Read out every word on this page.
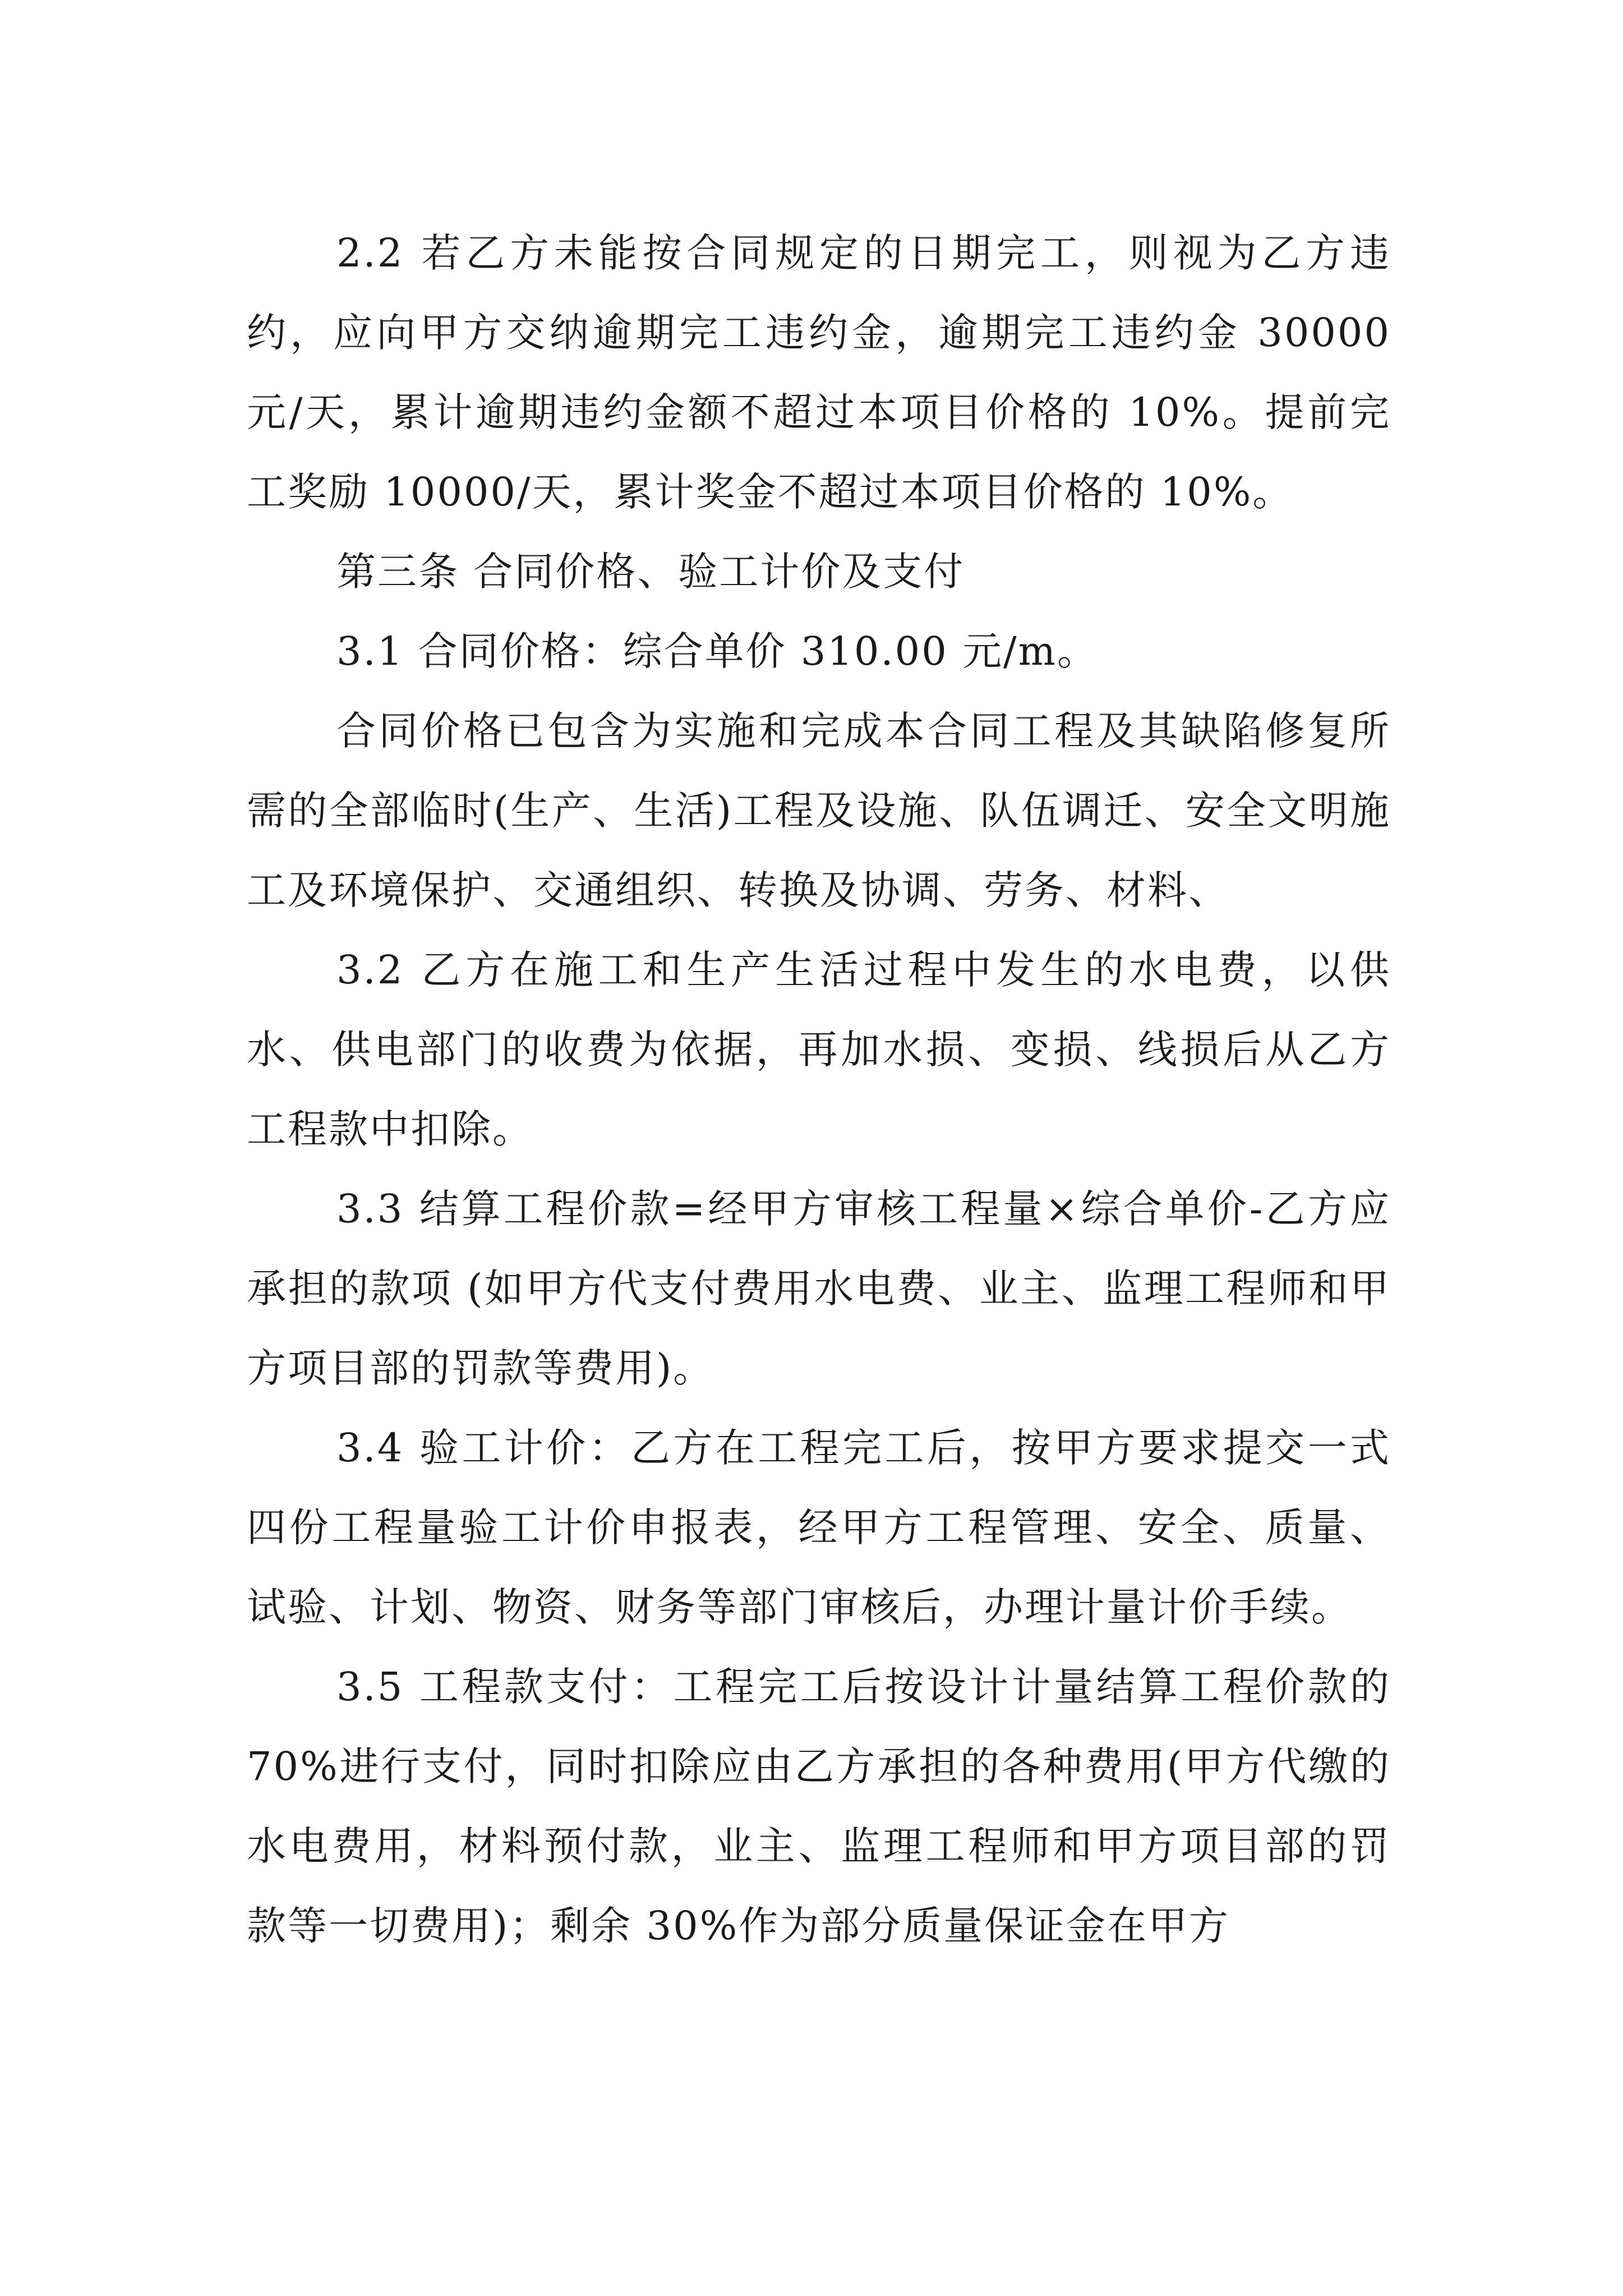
2.2 若乙方未能按合同规定的日期完工，则视为乙方违约，应向甲方交纳逾期完工违约金，逾期完工违约金 30000 元/天，累计逾期违约金额不超过本项目价格的 10%。提前完工奖励 10000/天，累计奖金不超过本项目价格的 10%。

第三条 合同价格、验工计价及支付

3.1 合同价格：综合单价 310.00 元/m。

合同价格已包含为实施和完成本合同工程及其缺陷修复所需的全部临时(生产、生活)工程及设施、队伍调迁、安全文明施工及环境保护、交通组织、转换及协调、劳务、材料、

3.2 乙方在施工和生产生活过程中发生的水电费，以供水、供电部门的收费为依据，再加水损、变损、线损后从乙方工程款中扣除。

3.3 结算工程价款=经甲方审核工程量×综合单价-乙方应承担的款项 (如甲方代支付费用水电费、业主、监理工程师和甲方项目部的罚款等费用)。

3.4 验工计价：乙方在工程完工后，按甲方要求提交一式四份工程量验工计价申报表，经甲方工程管理、安全、质量、试验、计划、物资、财务等部门审核后，办理计量计价手续。

3.5 工程款支付：工程完工后按设计计量结算工程价款的 70%进行支付，同时扣除应由乙方承担的各种费用(甲方代缴的水电费用，材料预付款，业主、监理工程师和甲方项目部的罚款等一切费用)；剩余 30%作为部分质量保证金在甲方
